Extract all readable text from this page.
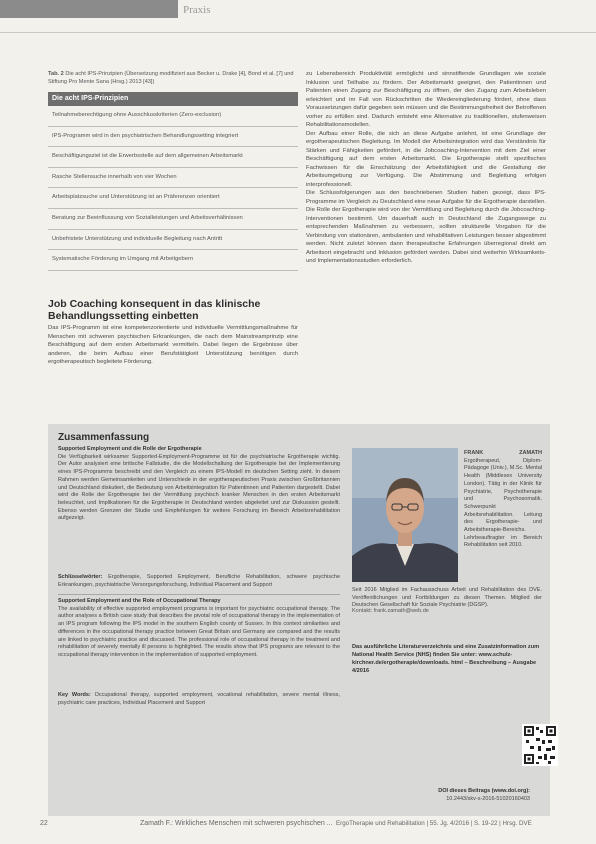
Praxis
Tab. 2 Die acht IPS-Prinzipien (Übersetzung modifiziert aus Becker u. Drake [4], Bond et al. [7] und Stiftung Pro Mente Sana (Hrsg.) 2013 [43])
Die acht IPS-Prinzipien
Teilnahmeberechtigung ohne Ausschlusskriterien (Zero-exclusion)
IPS-Programm wird in den psychiatrischen Behandlungssetting integriert
Beschäftigungsziel ist die Erwerbsstelle auf dem allgemeinen Arbeitsmarkt
Rasche Stellensuche innerhalb von vier Wochen
Arbeitsplatzsuche und Unterstützung ist an Präferenzen orientiert
Beratung zur Beeinflussung von Sozialleistungen und Arbeitsverhältnissen
Unbefristete Unterstützung und individuelle Begleitung nach Antritt
Systematische Förderung im Umgang mit Arbeitgebern
Job Coaching konsequent in das klinische Behandlungssetting einbetten

Das IPS-Programm ist eine kompetenzorientierte und individuelle Vermittlungsmaßnahme für Menschen mit schweren psychischen Erkrankungen, die nach dem Mainstreamprinzip eine Beschäftigung auf dem ersten Arbeitsmarkt vermitteln. Dabei liegen die Ergebnisse über anderen, die beim Aufbau einer Berufstätigkeit Unterstützung benötigen durch ergotherapeutisch begleitete Förderung.

zu Lebensbereich Produktivität ermöglicht und sinnstiftende Grundlagen wie soziale Inklusion und Teilhabe zu fördern. Der Arbeitsmarkt geeignet, den Patientinnen und Patienten einen Zugang zur Beschäftigung zu öffnen, der den Zugang zum Arbeitsleben erleichtert und im Fall von Rückschritten die Wiedereingliederung fördert, ohne dass Voraussetzungen dafür gegeben sein müssen und die Bestimmungsfreiheit der Betroffenen vorher zu erfüllen sind. Dadurch entsteht eine Alternative zu traditionellen, stufenweisen Rehabilitationsmodellen.

Der Aufbau einer Rolle, die sich an diese Aufgabe anlehnt, ist eine Grundlage der ergotherapeutischen Begleitung. Im Modell der Arbeitsintegration wird das Verständnis für Stärken und Fähigkeiten gefördert, in die Jobcoaching-Intervention mit dem Ziel einer Beschäftigung auf dem ersten Arbeitsmarkt. Die Ergotherapie stellt spezifisches Fachwissen für die Einschätzung der Arbeitsfähigkeit und die Gestaltung der Arbeitsumgebung zur Verfügung. Die Abstimmung und Begleitung erfolgen interprofessionell.

Die Schlussfolgerungen aus den beschriebenen Studien haben gezeigt, dass IPS-Programme im Vergleich zu Deutschland eine neue Aufgabe für die Ergotherapie darstellen. Die Rolle der Ergotherapie wird von der Vermittlung und Begleitung durch die Jobcoaching-Interventionen bestimmt. Um dauerhaft auch in Deutschland die Zugangswege zu entsprechenden Maßnahmen zu verbessern, sollten strukturelle Vorgaben für die Verbindung von stationären, ambulanten und rehabilitativen Leistungen besser abgestimmt werden. Nicht zuletzt können dann therapeutische Erfahrungen überregional direkt am Arbeitsort eingebracht und Inklusion gefördert werden. Dabei sind weiterhin Wirksamkeits- und Implementationsstudien erforderlich.

Zusammenfassung

Supported Employment und die Rolle der Ergotherapie

Die Verfügbarkeit wirksamer Supported-Employment-Programme ist für die psychiatrische Ergotherapie wichtig. Der Autor analysiert eine britische Fallstudie, die die Modellschaltung der Ergotherapie bei der Implementierung eines IPS-Programms beschreibt und den Vergleich zu einem IPS-Modell im deutschen Setting zieht. In diesem Rahmen werden Gemeinsamkeiten und Unterschiede in der ergotherapeutischen Praxis zwischen Großbritannien und Deutschland diskutiert, die Bedeutung von Arbeitsintegration für Patientinnen und Patienten dargestellt. Dabei wird die Rolle der Ergotherapie bei der Vermittlung psychisch kranker Menschen in den ersten Arbeitsmarkt beleuchtet, und Implikationen für die Ergotherapie in Deutschland werden abgeleitet und zur Diskussion gestellt. Ebenso werden Grenzen der Studie und Empfehlungen für weitere Forschung im Bereich Arbeitsrehabilitation aufgezeigt.

Schlüsselwörter: Ergotherapie, Supported Employment, Berufliche Rehabilitation, schwere psychische Erkrankungen, psychiatrische Versorgungsforschung, Individual Placement and Support

Supported Employment and the Role of Occupational Therapy

The availability of effective supported employment programs is important for psychiatric occupational therapy. The author analyses a British case study that describes the pivotal role of occupational therapy in the implementation of an IPS program following the IPS model in the southern English county of Sussex. In this context similarities and differences in the occupational therapy practice between Great Britain and Germany are compared and the results are linked to psychiatric practice and discussed. The professional role of occupational therapy in the treatment and rehabilitation of severely mentally ill persons is highlighted. The results show that IPS programs are relevant to the occupational therapy intervention in the implementation of supported employment.

Key Words: Occupational therapy, supported employment, vocational rehabilitation, severe mental illness, psychiatric care practices, Individual Placement and Support

FRANK ZAMATH Ergotherapeut, Diplom-Pädagoge (Univ.), M.Sc. Mental Health (Middlesex University London). Tätig in der Klinik für Psychiatrie, Psychotherapie und Psychosomatik. Schwerpunkt Arbeitsrehabilitation. Leitung des Ergotherapie- und Arbeitstherapie-Bereichs. Lehrbeauftragter im Bereich Rehabilitation seit 2010.
Seit 2016 Mitglied im Fachausschuss Arbeit und Rehabilitation des DVE. Veröffentlichungen und Fortbildungen zu diesen Themen. Mitglied der Deutschen Gesellschaft für Soziale Psychiatrie (DGSP).
Kontakt: frank.zamath@web.de
Das ausführliche Literaturverzeichnis und eine Zusatzinformation zum National Health Service (NHS) finden Sie unter: www.schulz-kirchner.de/ergotherapie/downloads. html – Beschreibung – Ausgabe 4/2016
DOI dieses Beitrags (www.doi.org):
10.2443/skv-s-2016-51020160403
22	Zamath F.: Wirkliches Menschen mit schweren psychischen ... ErgoTherapie und Rehabilitation | 55. Jg. 4/2016 | S. 19-22 | Hrsg. DVE
